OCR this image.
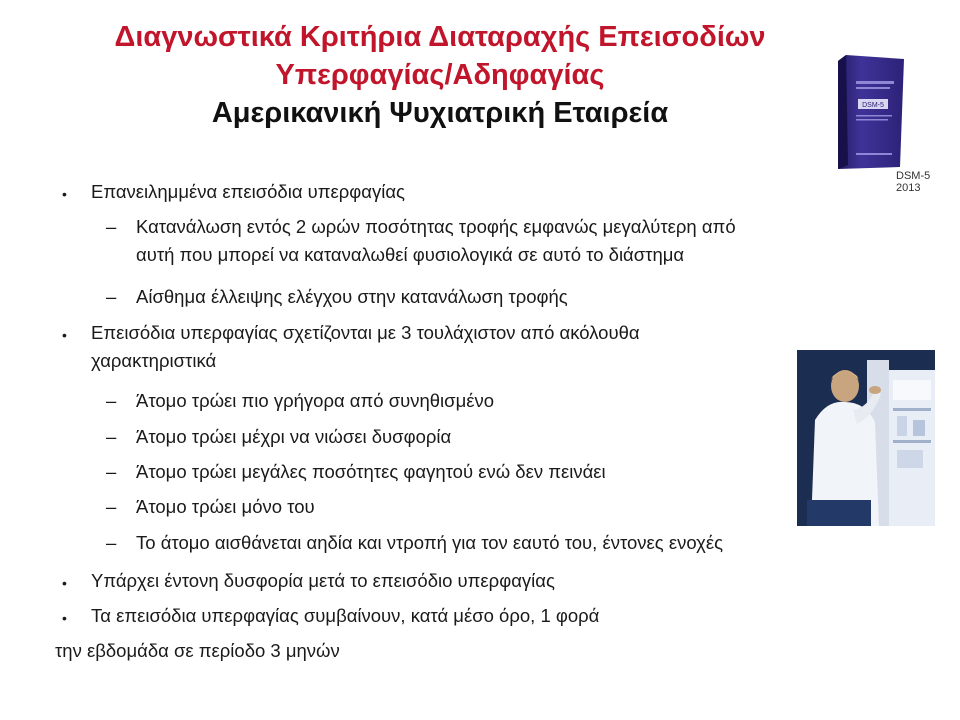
Διαγνωστικά Κριτήρια Διαταραχής Επεισοδίων
Υπερφαγίας/Αδηφαγίας
Αμερικανική Ψυχιατρική Εταιρεία	DSM-5
DSM-5
2013
• Επανειλημμένα επεισόδια υπερφαγίας
– Κατανάλωση εντός 2 ωρών ποσότητας τροφής εμφανώς μεγαλύτερη από
αυτή που μπορεί να καταναλωθεί φυσιολογικά σε αυτό το διάστημα
– Αίσθημα έλλειψης ελέγχου στην κατανάλωση τροφής
• Επεισόδια υπερφαγίας σχετίζονται με 3 τουλάχιστον από ακόλουθα
χαρακτηριστικά
– Άτομο τρώει πιο γρήγορα από συνηθισμένο
– Άτομο τρώει μέχρι να νιώσει δυσφορία
– Άτομο τρώει μεγάλες ποσότητες φαγητού ενώ δεν πεινάει
– Άτομο τρώει μόνο του
– Το άτομο αισθάνεται αηδία και ντροπή για τον εαυτό του, έντονες ενοχές
• Υπάρχει έντονη δυσφορία μετά το επεισόδιο υπερφαγίας
• Τα επεισόδια υπερφαγίας συμβαίνουν, κατά μέσο όρο, 1 φορά
την εβδομάδα σε περίοδο 3 μηνών
